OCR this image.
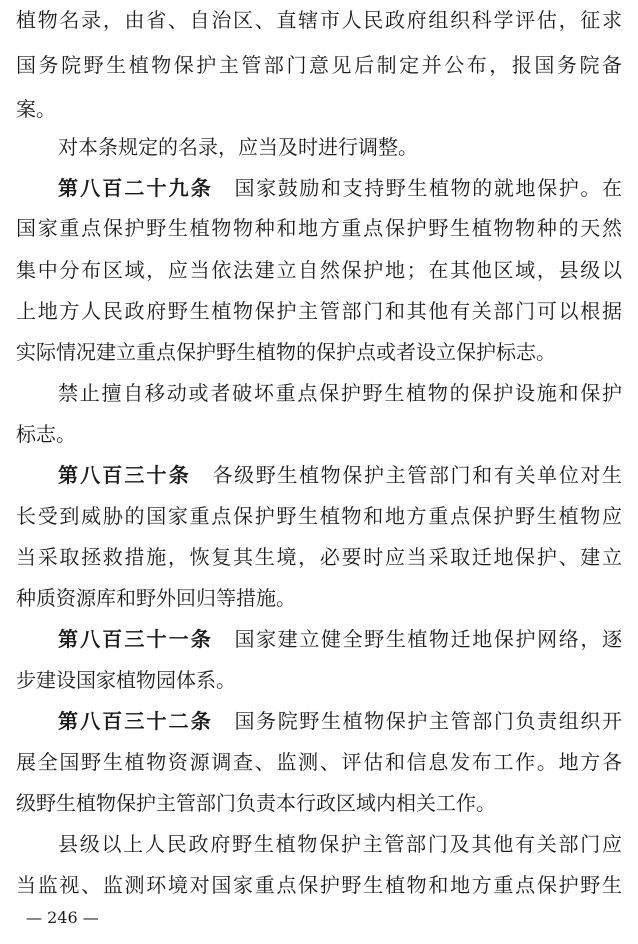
植物名录，由省、自治区、直辖市人民政府组织科学评估，征求
国务院野生植物保护主管部门意见后制定并公布，报国务院备
案。
对本条规定的名录，应当及时进行调整。
第八百二十九条　 国家鼓励和支持野生植物的就地保护。在
国家重点保护野生植物物种和地方重点保护野生植物物种的天然
集中分布区域，应当依法建立自然保护地；在其他区域，县级以
上地方人民政府野生植物保护主管部门和其他有关部门可以根据
实际情况建立重点保护野生植物的保护点或者设立保护标志。
禁止擅自移动或者破坏重点保护野生植物的保护设施和保护
标志。
第八百三十条　 各级野生植物保护主管部门和有关单位对生
长受到威胁的国家重点保护野生植物和地方重点保护野生植物应
当采取拯救措施，恢复其生境，必要时应当采取迁地保护、建立
种质资源库和野外回归等措施。
第八百三十一条　 国家建立健全野生植物迁地保护网络，逐
步建设国家植物园体系。
第八百三十二条　 国务院野生植物保护主管部门负责组织开
展全国野生植物资源调查、监测、评估和信息发布工作。地方各
级野生植物保护主管部门负责本行政区域内相关工作。
县级以上人民政府野生植物保护主管部门及其他有关部门应
当监视、监测环境对国家重点保护野生植物和地方重点保护野生
— 246 —
